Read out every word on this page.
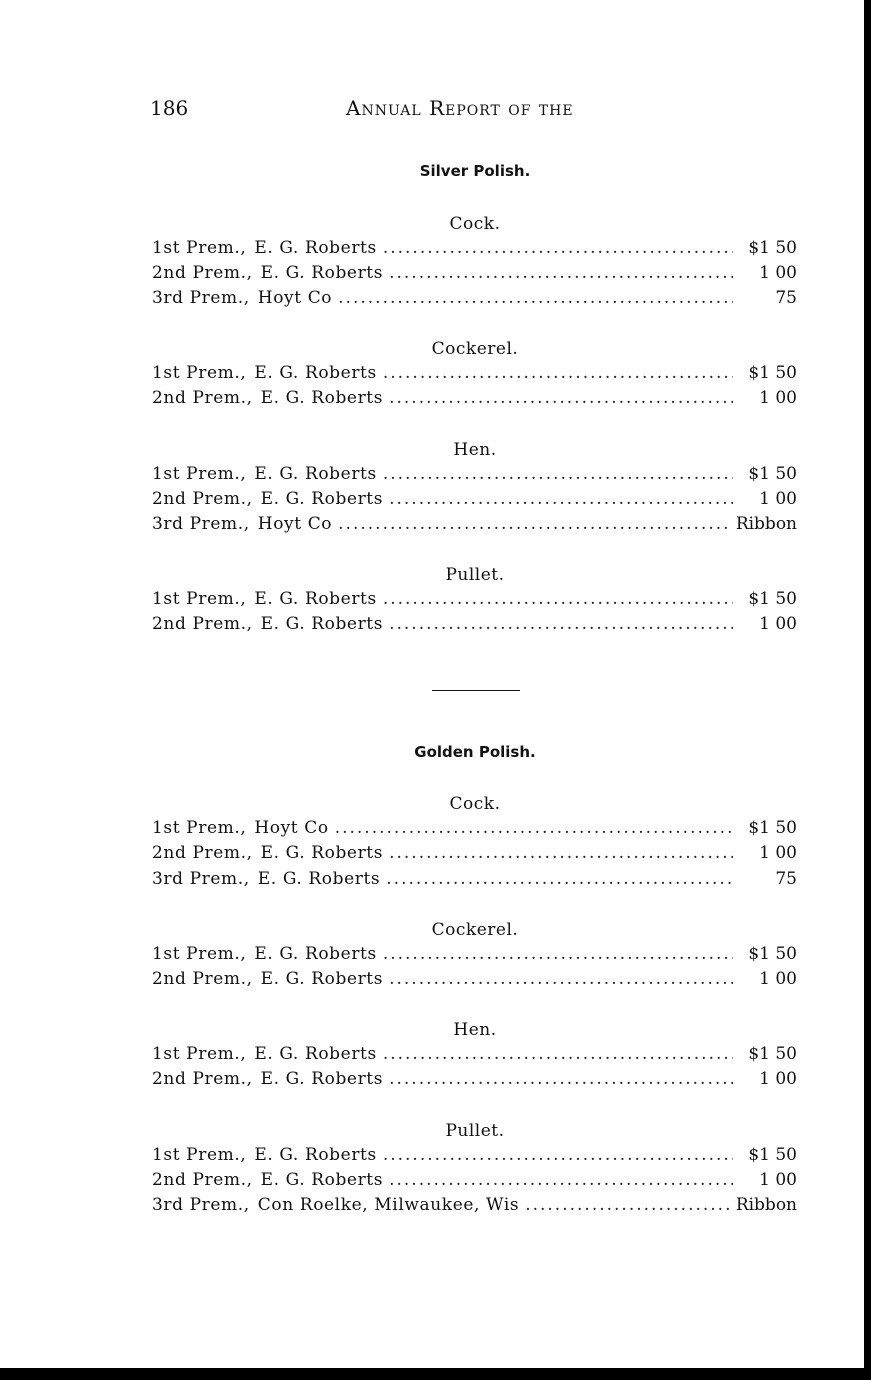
186	Annual Report of the
Silver Polish.
Cock.
1st Prem., E. G. Roberts .....	$1 50
2nd Prem., E. G. Roberts .....	1 00
3rd Prem., Hoyt Co .....	75
Cockerel.
1st Prem., E. G. Roberts .....	$1 50
2nd Prem., E. G. Roberts .....	1 00
Hen.
1st Prem., E. G. Roberts .....	$1 50
2nd Prem., E. G. Roberts .....	1 00
3rd Prem., Hoyt Co .....	Ribbon
Pullet.
1st Prem., E. G. Roberts .....	$1 50
2nd Prem., E. G. Roberts .....	1 00
Golden Polish.
Cock.
1st Prem., Hoyt Co .....	$1 50
2nd Prem., E. G. Roberts .....	1 00
3rd Prem., E. G. Roberts .....	75
Cockerel.
1st Prem., E. G. Roberts .....	$1 50
2nd Prem., E. G. Roberts .....	1 00
Hen.
1st Prem., E. G. Roberts .....	$1 50
2nd Prem., E. G. Roberts .....	1 00
Pullet.
1st Prem., E. G. Roberts .....	$1 50
2nd Prem., E. G. Roberts .....	1 00
3rd Prem., Con Roelke, Milwaukee, Wis .....	Ribbon
